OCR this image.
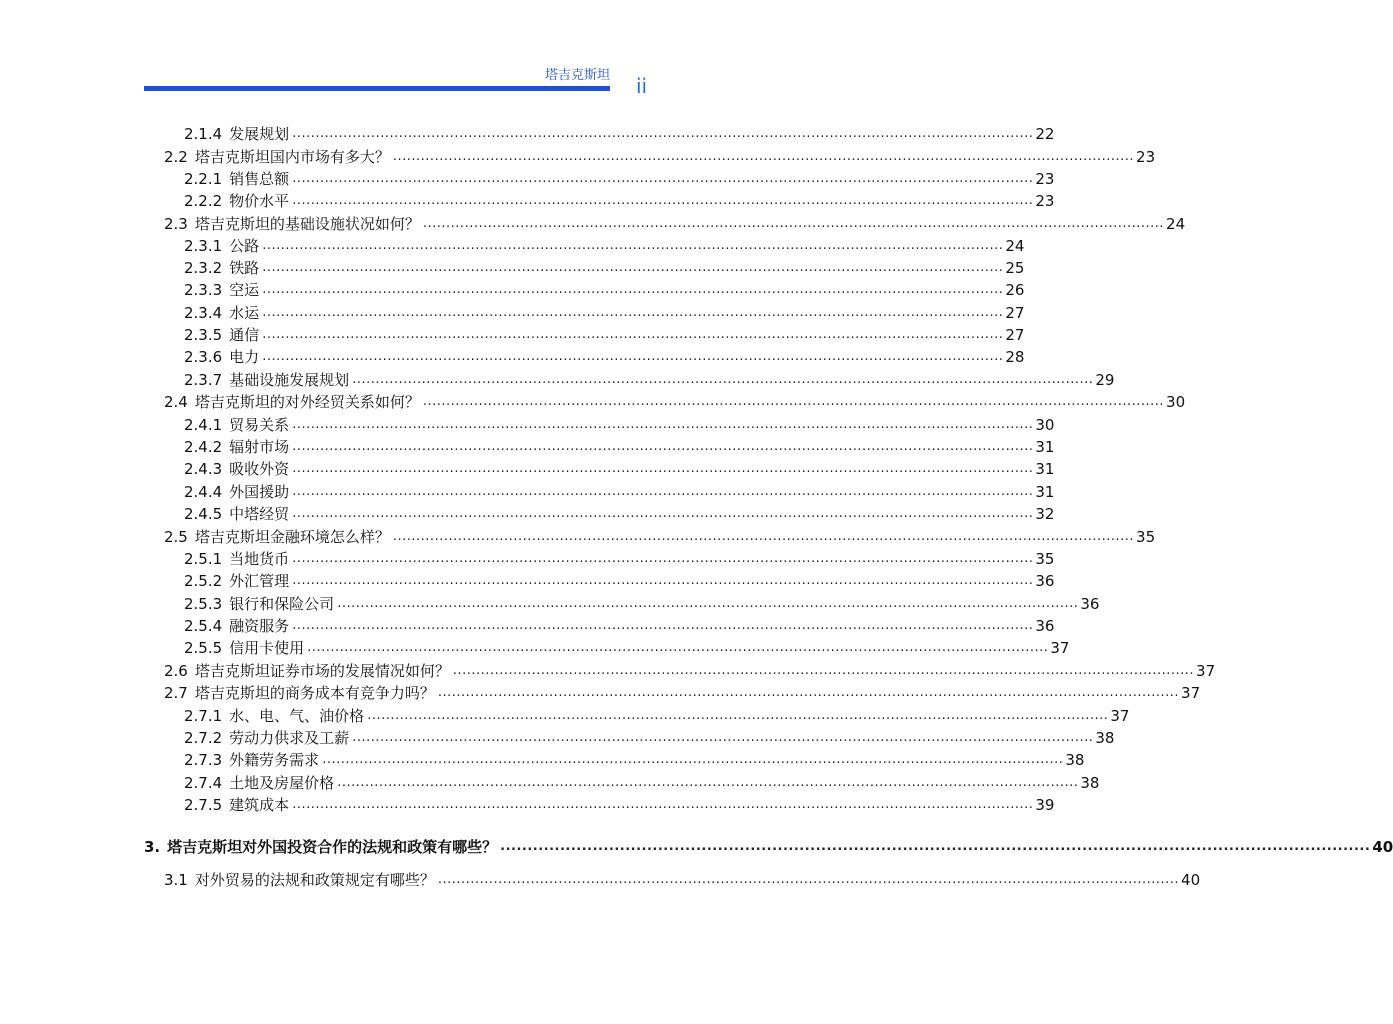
塔吉克斯坦 ii
2.1.4 发展规划 ................................................................................................................................................................ 22
2.2 塔吉克斯坦国内市场有多大？ ................................................................................................................................................................ 23
2.2.1 销售总额 ................................................................................................................................................................ 23
2.2.2 物价水平 ................................................................................................................................................................ 23
2.3 塔吉克斯坦的基础设施状况如何？ ................................................................................................................................................................ 24
2.3.1 公路 ................................................................................................................................................................ 24
2.3.2 铁路 ................................................................................................................................................................ 25
2.3.3 空运 ................................................................................................................................................................ 26
2.3.4 水运 ................................................................................................................................................................ 27
2.3.5 通信 ................................................................................................................................................................ 27
2.3.6 电力 ................................................................................................................................................................ 28
2.3.7 基础设施发展规划 ................................................................................................................................................................ 29
2.4 塔吉克斯坦的对外经贸关系如何？ ................................................................................................................................................................ 30
2.4.1 贸易关系 ................................................................................................................................................................ 30
2.4.2 辐射市场 ................................................................................................................................................................ 31
2.4.3 吸收外资 ................................................................................................................................................................ 31
2.4.4 外国援助 ................................................................................................................................................................ 31
2.4.5 中塔经贸 ................................................................................................................................................................ 32
2.5 塔吉克斯坦金融环境怎么样？ ................................................................................................................................................................ 35
2.5.1 当地货币 ................................................................................................................................................................ 35
2.5.2 外汇管理 ................................................................................................................................................................ 36
2.5.3 银行和保险公司 ................................................................................................................................................................ 36
2.5.4 融资服务 ................................................................................................................................................................ 36
2.5.5 信用卡使用 ................................................................................................................................................................ 37
2.6 塔吉克斯坦证券市场的发展情况如何？ ................................................................................................................................................................ 37
2.7 塔吉克斯坦的商务成本有竞争力吗？ ................................................................................................................................................................ 37
2.7.1 水、电、气、油价格 ................................................................................................................................................................ 37
2.7.2 劳动力供求及工薪 ................................................................................................................................................................ 38
2.7.3 外籍劳务需求 ................................................................................................................................................................ 38
2.7.4 土地及房屋价格 ................................................................................................................................................................ 38
2.7.5 建筑成本 ................................................................................................................................................................ 39
3. 塔吉克斯坦对外国投资合作的法规和政策有哪些？ ................................................................................................................................................................ 40
3.1 对外贸易的法规和政策规定有哪些？ ................................................................................................................................................................ 40
